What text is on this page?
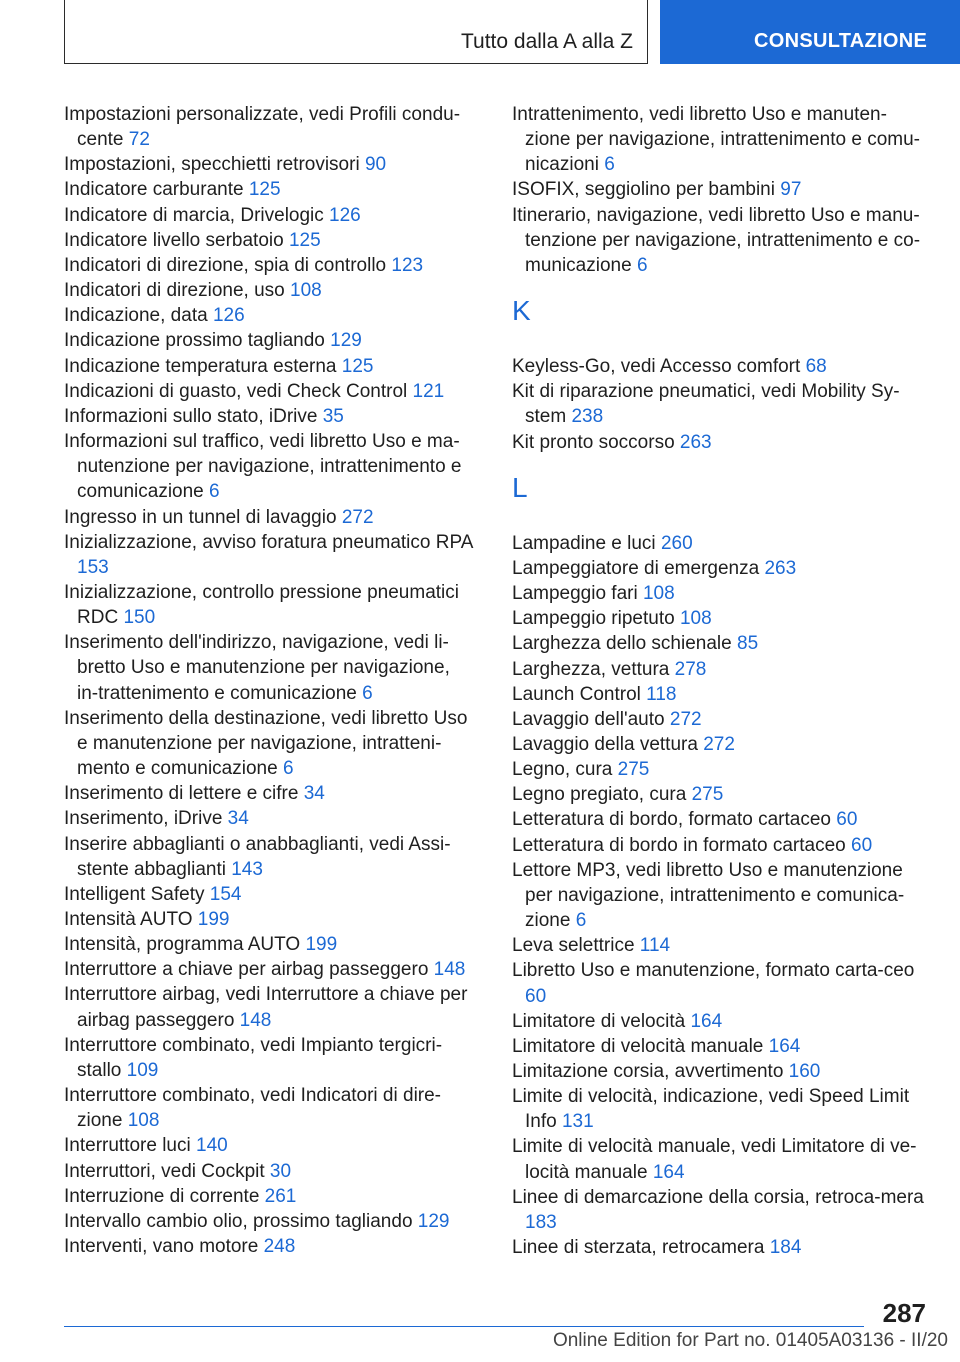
Tutto dalla A alla Z	CONSULTAZIONE
Impostazioni personalizzate, vedi Profili condu-cente 72
Impostazioni, specchietti retrovisori 90
Indicatore carburante 125
Indicatore di marcia, Drivelogic 126
Indicatore livello serbatoio 125
Indicatori di direzione, spia di controllo 123
Indicatori di direzione, uso 108
Indicazione, data 126
Indicazione prossimo tagliando 129
Indicazione temperatura esterna 125
Indicazioni di guasto, vedi Check Control 121
Informazioni sullo stato, iDrive 35
Informazioni sul traffico, vedi libretto Uso e ma-nutenzione per navigazione, intrattenimento e comunicazione 6
Ingresso in un tunnel di lavaggio 272
Inizializzazione, avviso foratura pneumatico RPA 153
Inizializzazione, controllo pressione pneumatici RDC 150
Inserimento dell'indirizzo, navigazione, vedi li-bretto Uso e manutenzione per navigazione, in-trattenimento e comunicazione 6
Inserimento della destinazione, vedi libretto Uso e manutenzione per navigazione, intratteni-mento e comunicazione 6
Inserimento di lettere e cifre 34
Inserimento, iDrive 34
Inserire abbaglianti o anabbaglianti, vedi Assi-stente abbaglianti 143
Intelligent Safety 154
Intensità AUTO 199
Intensità, programma AUTO 199
Interruttore a chiave per airbag passeggero 148
Interruttore airbag, vedi Interruttore a chiave per airbag passeggero 148
Interruttore combinato, vedi Impianto tergicri-stallo 109
Interruttore combinato, vedi Indicatori di dire-zione 108
Interruttore luci 140
Interruttori, vedi Cockpit 30
Interruzione di corrente 261
Intervallo cambio olio, prossimo tagliando 129
Interventi, vano motore 248
Intrattenimento, vedi libretto Uso e manuten-zione per navigazione, intrattenimento e comu-nicazioni 6
ISOFIX, seggiolino per bambini 97
Itinerario, navigazione, vedi libretto Uso e manu-tenzione per navigazione, intrattenimento e co-municazione 6
K
Keyless-Go, vedi Accesso comfort 68
Kit di riparazione pneumatici, vedi Mobility Sy-stem 238
Kit pronto soccorso 263
L
Lampadine e luci 260
Lampeggiatore di emergenza 263
Lampeggio fari 108
Lampeggio ripetuto 108
Larghezza dello schienale 85
Larghezza, vettura 278
Launch Control 118
Lavaggio dell'auto 272
Lavaggio della vettura 272
Legno, cura 275
Legno pregiato, cura 275
Letteratura di bordo, formato cartaceo 60
Letteratura di bordo in formato cartaceo 60
Lettore MP3, vedi libretto Uso e manutenzione per navigazione, intrattenimento e comunica-zione 6
Leva selettrice 114
Libretto Uso e manutenzione, formato carta-ceo 60
Limitatore di velocità 164
Limitatore di velocità manuale 164
Limitazione corsia, avvertimento 160
Limite di velocità, indicazione, vedi Speed Limit Info 131
Limite di velocità manuale, vedi Limitatore di ve-locità manuale 164
Linee di demarcazione della corsia, retroca-mera 183
Linee di sterzata, retrocamera 184
287
Online Edition for Part no. 01405A03136 - II/20
